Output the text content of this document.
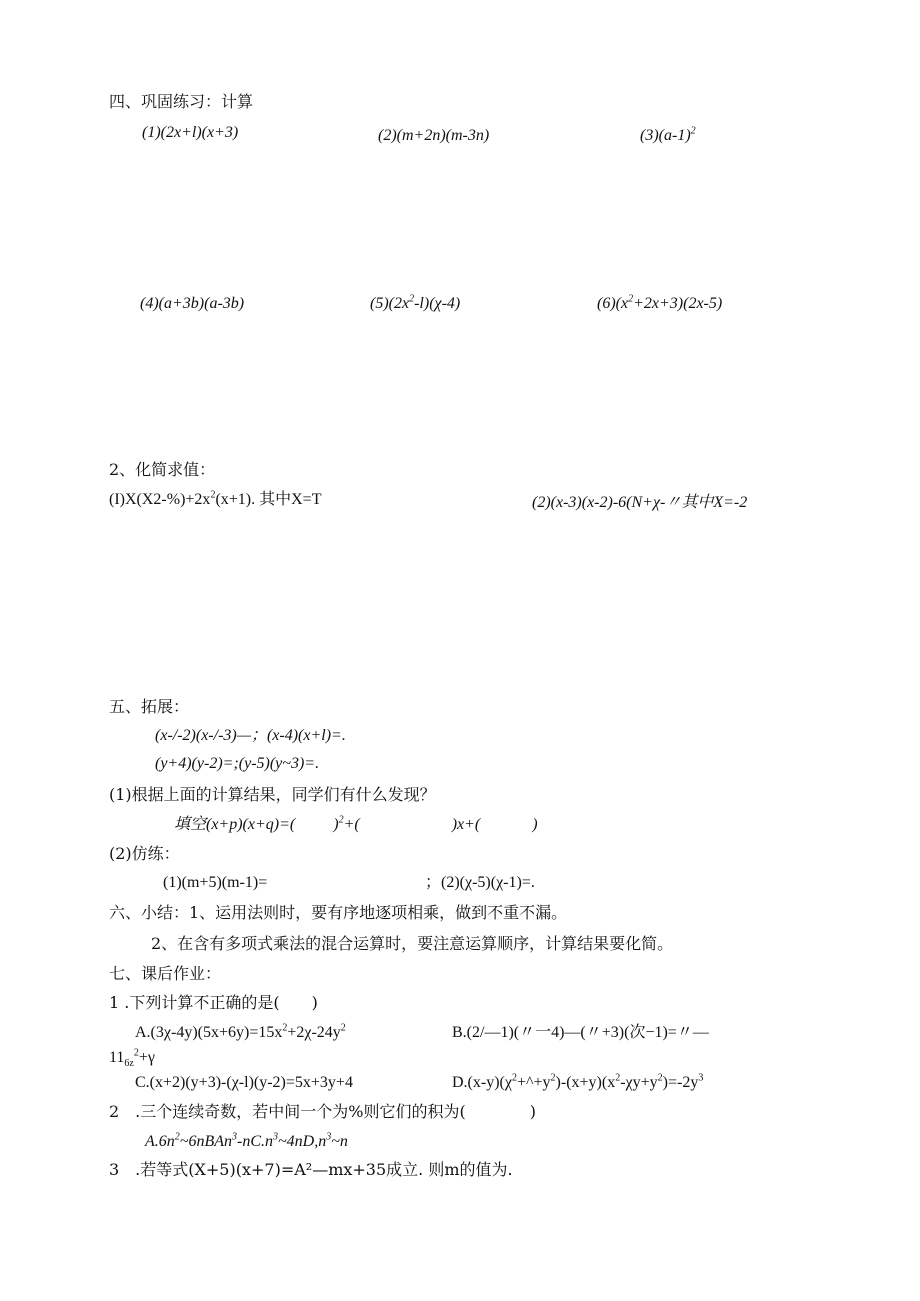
四、巩固练习：计算
(1)(2x+l)(x+3)	(2)(m+2n)(m-3n)	$(3)(a-1)^2$
(4)(a+3b)(a-3b)	$(5)(2x^2-l)(\chi-4)$	$(6)(x^2+2x+3)(2x-5)$
2、化简求值：
$(I)X(X2-\%)+2x^2(x+1)$. 其中X=T	(2)(x-3)(x-2)-6(N+χ-〃其中X=-2
五、拓展：
(x-/-2)(x-/-3)—；(x-4)(x+l)=.
(y+4)(y-2)=;(y-5)(y~3)=.
(1)根据上面的计算结果，同学们有什么发现？
填空(x+p)(x+q)=( )$^2$+(	)x+(	)
(2)仿练：
(1)(m+5)(m-1)=	；(2)(χ-5)(χ-1)=.
六、小结：1、运用法则时，要有序地逐项相乘，做到不重不漏。
2、在含有多项式乘法的混合运算时，要注意运算顺序，计算结果要化简。
七、课后作业：
1 .下列计算不正确的是(　　)
$A.(3\chi-4y)(5x+6y)=15x^2+2\chi-24y^2$	B.(2/—1)(〃一4)—(〃+3)(次−1)=〃—
$11_{6z}^2+\gamma$
C.(x+2)(y+3)-(χ-l)(y-2)=5x+3y+4	$D.(x-y)(\chi^2+\^{}+y^2)-(x+y)(x^2-\chi y+y^2)=-2y^3$
2　.三个连续奇数，若中间一个为%则它们的积为(　　　　)
$A.6n^2\sim 6nBAn^3-nC.n^3\sim 4nD,n^3\sim n$
3　.若等式(X+5)(x+7)=A²—mx+35成立. 则m的值为.
